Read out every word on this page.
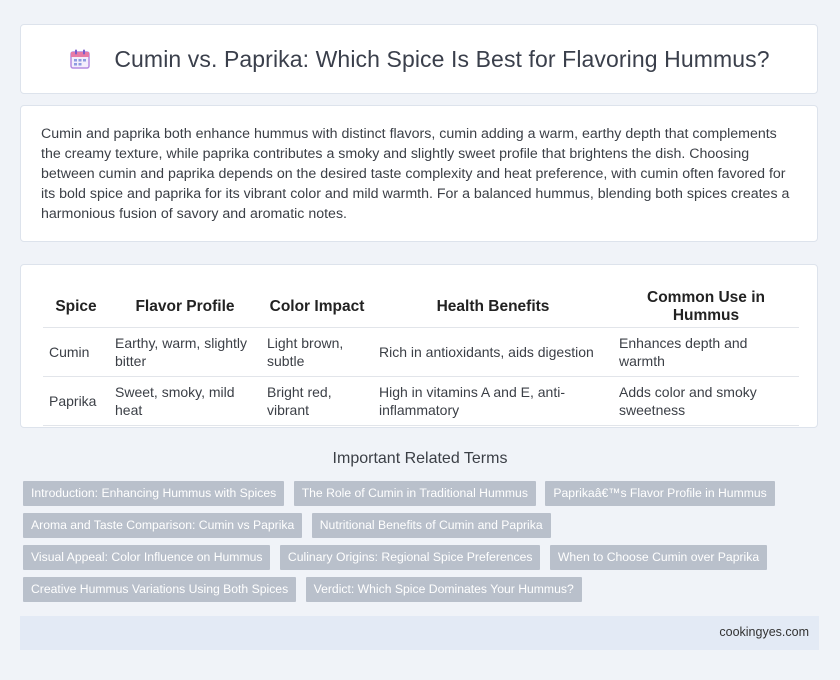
Cumin vs. Paprika: Which Spice Is Best for Flavoring Hummus?

Cumin and paprika both enhance hummus with distinct flavors, cumin adding a warm, earthy depth that complements the creamy texture, while paprika contributes a smoky and slightly sweet profile that brightens the dish. Choosing between cumin and paprika depends on the desired taste complexity and heat preference, with cumin often favored for its bold spice and paprika for its vibrant color and mild warmth. For a balanced hummus, blending both spices creates a harmonious fusion of savory and aromatic notes.

Spice	Flavor Profile	Color Impact	Health Benefits	Common Use in Hummus
Cumin	Earthy, warm, slightly bitter	Light brown, subtle	Rich in antioxidants, aids digestion	Enhances depth and warmth
Paprika	Sweet, smoky, mild heat	Bright red, vibrant	High in vitamins A and E, anti-inflammatory	Adds color and smoky sweetness
Important Related Terms
Introduction: Enhancing Hummus with Spices The Role of Cumin in Traditional Hummus Paprikaâ€™s Flavor Profile in Hummus Aroma and Taste Comparison: Cumin vs Paprika Nutritional Benefits of Cumin and Paprika Visual Appeal: Color Influence on Hummus Culinary Origins: Regional Spice Preferences When to Choose Cumin over Paprika Creative Hummus Variations Using Both Spices Verdict: Which Spice Dominates Your Hummus?
cookingyes.com
